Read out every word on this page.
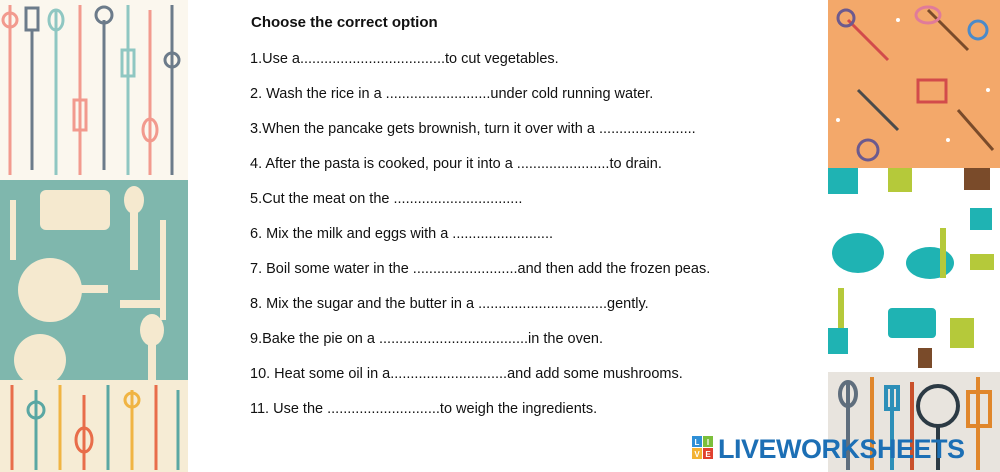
Choose the correct option
1.Use a....................................to cut vegetables.
2. Wash the rice in a ..........................under cold running water.
3.When the pancake gets brownish, turn it over with a ........................
4. After the pasta is cooked, pour it into a .......................to drain.
5.Cut the meat on the ................................
6. Mix the milk and eggs with a .........................
7. Boil some water in the ..........................and then add the frozen peas.
8. Mix the sugar and the butter in a ................................gently.
9.Bake the pie on a .....................................in the oven.
10. Heat some oil in a.............................and add some mushrooms.
11. Use the ............................to weigh the ingredients.
L I
V E LIVEWORKSHEETS
